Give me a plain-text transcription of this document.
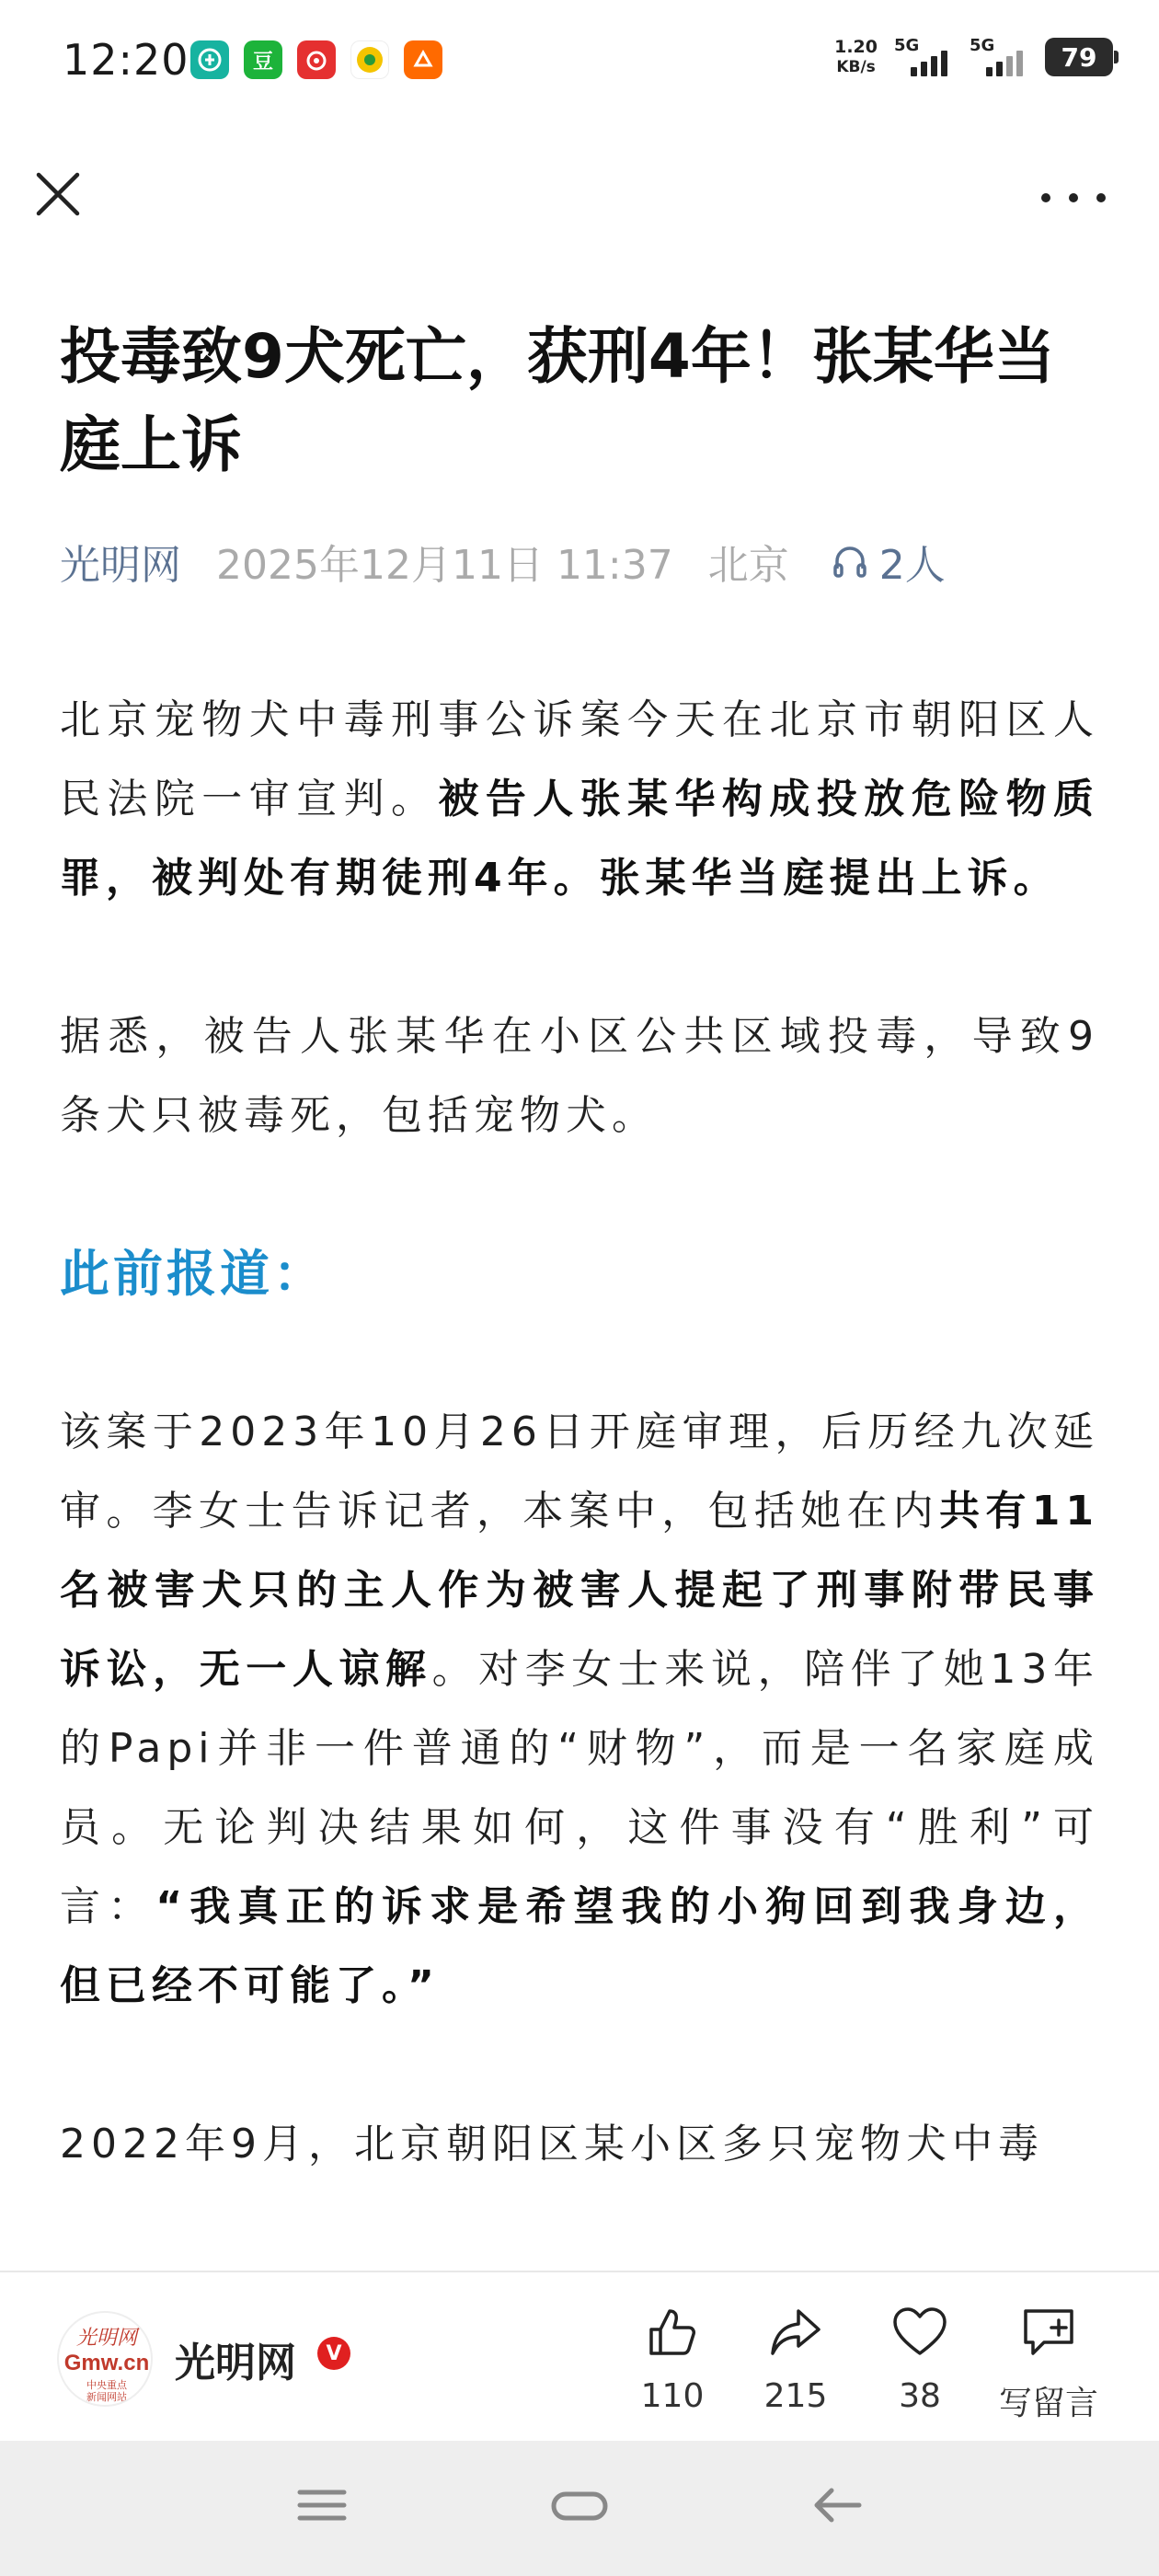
12:20	豆
1.20
KB/s
5G	5G	79
投毒致9犬死亡，获刑4年！张某华当庭上诉
光明网 2025年12月11日 11:37 北京 2人

北京宠物犬中毒刑事公诉案今天在北京市朝阳区人民法院一审宣判。被告人张某华构成投放危险物质罪，被判处有期徒刑4年。张某华当庭提出上诉。

据悉，被告人张某华在小区公共区域投毒，导致9条犬只被毒死，包括宠物犬。

此前报道：

该案于2023年10月26日开庭审理，后历经九次延审。李女士告诉记者，本案中，包括她在内共有11名被害犬只的主人作为被害人提起了刑事附带民事诉讼，无一人谅解。对李女士来说，陪伴了她13年的Papi并非一件普通的“财物”，而是一名家庭成员。无论判决结果如何，这件事没有“胜利”可言：“我真正的诉求是希望我的小狗回到我身边，但已经不可能了。”

2022年9月，北京朝阳区某小区多只宠物犬中毒

光明网
Gmw.cn
中央重点
新闻网站
光明网	V
110	215	38	写留言
